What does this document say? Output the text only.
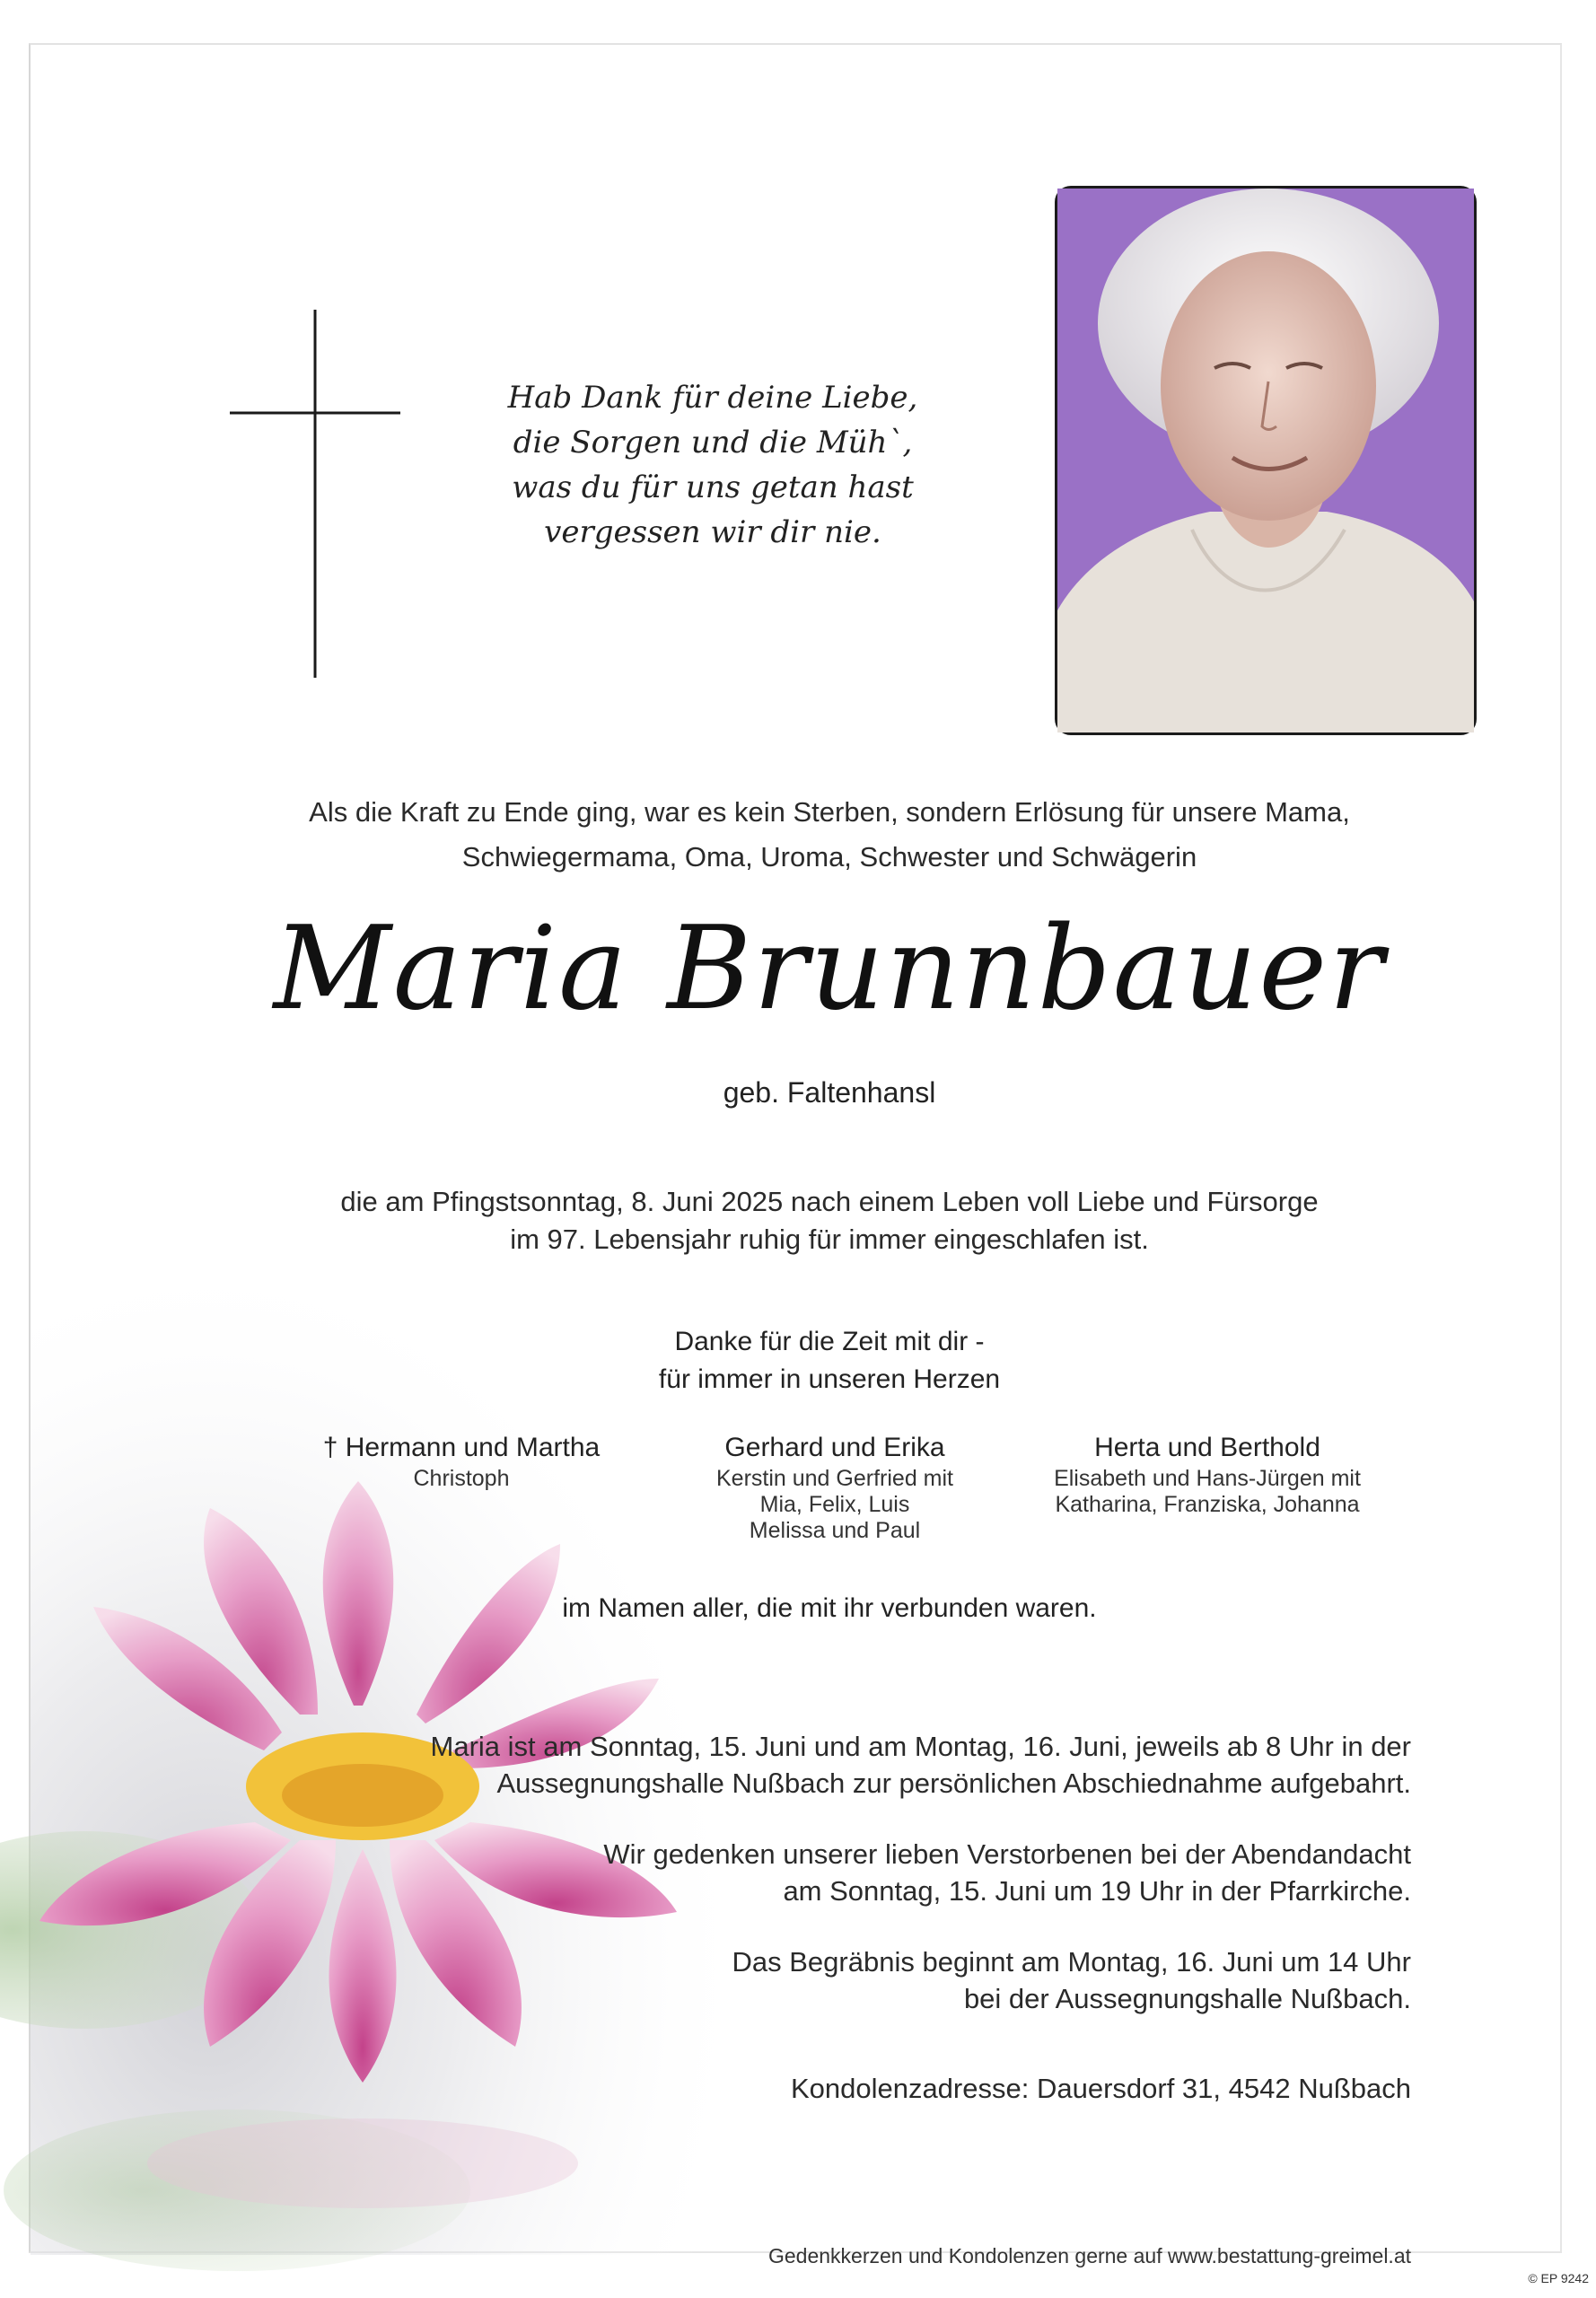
Hab Dank für deine Liebe,
die Sorgen und die Müh`,
was du für uns getan hast
vergessen wir dir nie.
Als die Kraft zu Ende ging, war es kein Sterben, sondern Erlösung für unsere Mama,
Schwiegermama, Oma, Uroma, Schwester und Schwägerin
Maria Brunnbauer
geb. Faltenhansl
die am Pfingstsonntag, 8. Juni 2025 nach einem Leben voll Liebe und Fürsorge
im 97. Lebensjahr ruhig für immer eingeschlafen ist.
Danke für die Zeit mit dir -
für immer in unseren Herzen
† Hermann und Martha
Christoph
Gerhard und Erika
Kerstin und Gerfried mit
Mia, Felix, Luis
Melissa und Paul
Herta und Berthold
Elisabeth und Hans-Jürgen mit
Katharina, Franziska, Johanna
im Namen aller, die mit ihr verbunden waren.
Maria ist am Sonntag, 15. Juni und am Montag, 16. Juni, jeweils ab 8 Uhr in der
Aussegnungshalle Nußbach zur persönlichen Abschiednahme aufgebahrt.
Wir gedenken unserer lieben Verstorbenen bei der Abendandacht
am Sonntag, 15. Juni um 19 Uhr in der Pfarrkirche.
Das Begräbnis beginnt am Montag, 16. Juni um 14 Uhr
bei der Aussegnungshalle Nußbach.
Kondolenzadresse: Dauersdorf 31, 4542 Nußbach
Gedenkkerzen und Kondolenzen gerne auf www.bestattung-greimel.at
© EP 9242
